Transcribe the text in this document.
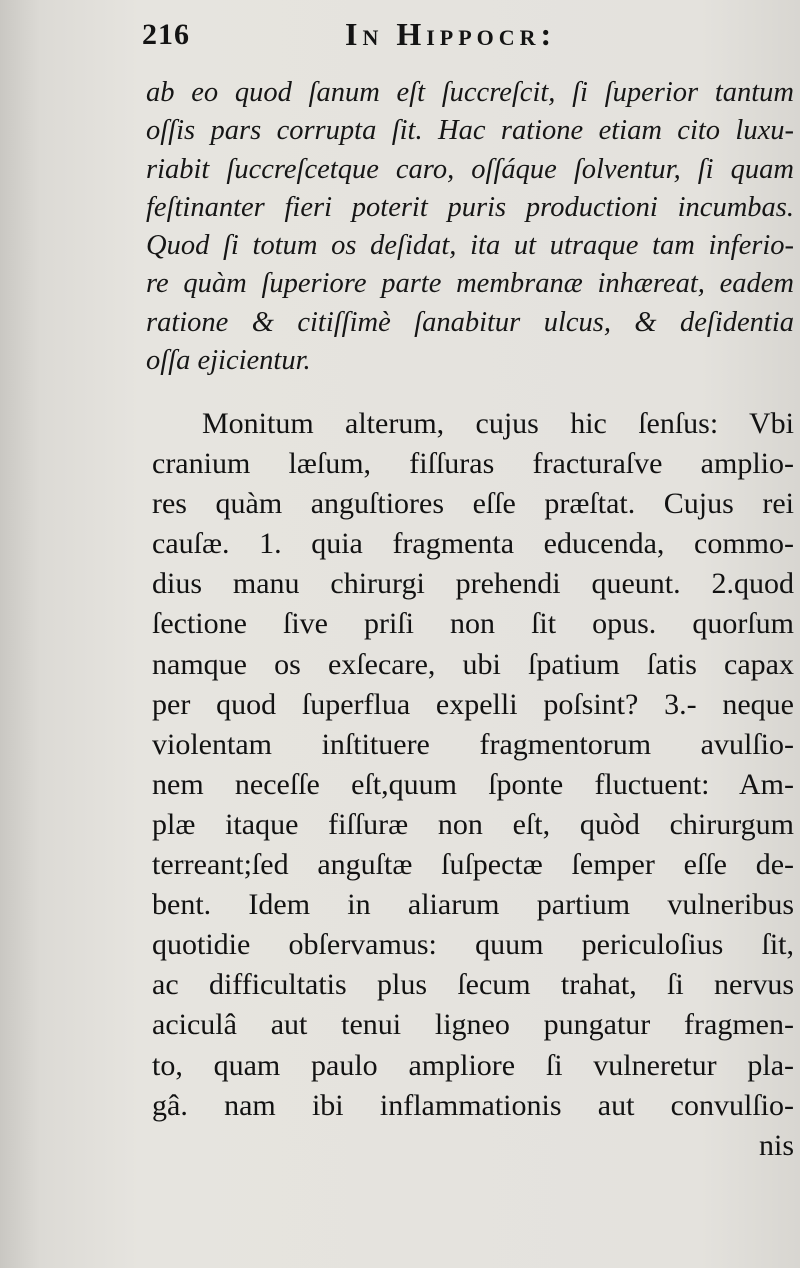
216	In Hippocr:
ab eo quod ſanum eſt ſuccreſcit, ſi ſuperior tantum
oſſis pars corrupta ſit. Hac ratione etiam cito luxu-
riabit ſuccreſcetque caro, oſſáque ſolventur, ſi quam
feſtinanter fieri poterit puris productioni incumbas.
Quod ſi totum os deſidat, ita ut utraque tam inferio-
re quàm ſuperiore parte membranæ inhæreat, eadem
ratione & citiſſimè ſanabitur ulcus, & deſidentia
oſſa ejicientur.
Monitum alterum, cujus hic ſenſus: Vbi
cranium læſum, fiſſuras fracturaſve amplio-
res quàm anguſtiores eſſe præſtat. Cujus rei
cauſæ. 1. quia fragmenta educenda, commo-
dius manu chirurgi prehendi queunt. 2.quod
ſectione ſive priſi non ſit opus. quorſum
namque os exſecare, ubi ſpatium ſatis capax
per quod ſuperflua expelli poſsint? 3.- neque
violentam inſtituere fragmentorum avulſio-
nem neceſſe eſt,quum ſponte fluctuent: Am-
plæ itaque fiſſuræ non eſt, quòd chirurgum
terreant;ſed anguſtæ ſuſpectæ ſemper eſſe de-
bent. Idem in aliarum partium vulneribus
quotidie obſervamus: quum periculoſius ſit,
ac difficultatis plus ſecum trahat, ſi nervus
aciculâ aut tenui ligneo pungatur fragmen-
to, quam paulo ampliore ſi vulneretur pla-
gâ. nam ibi inflammationis aut convulſio-
nis
